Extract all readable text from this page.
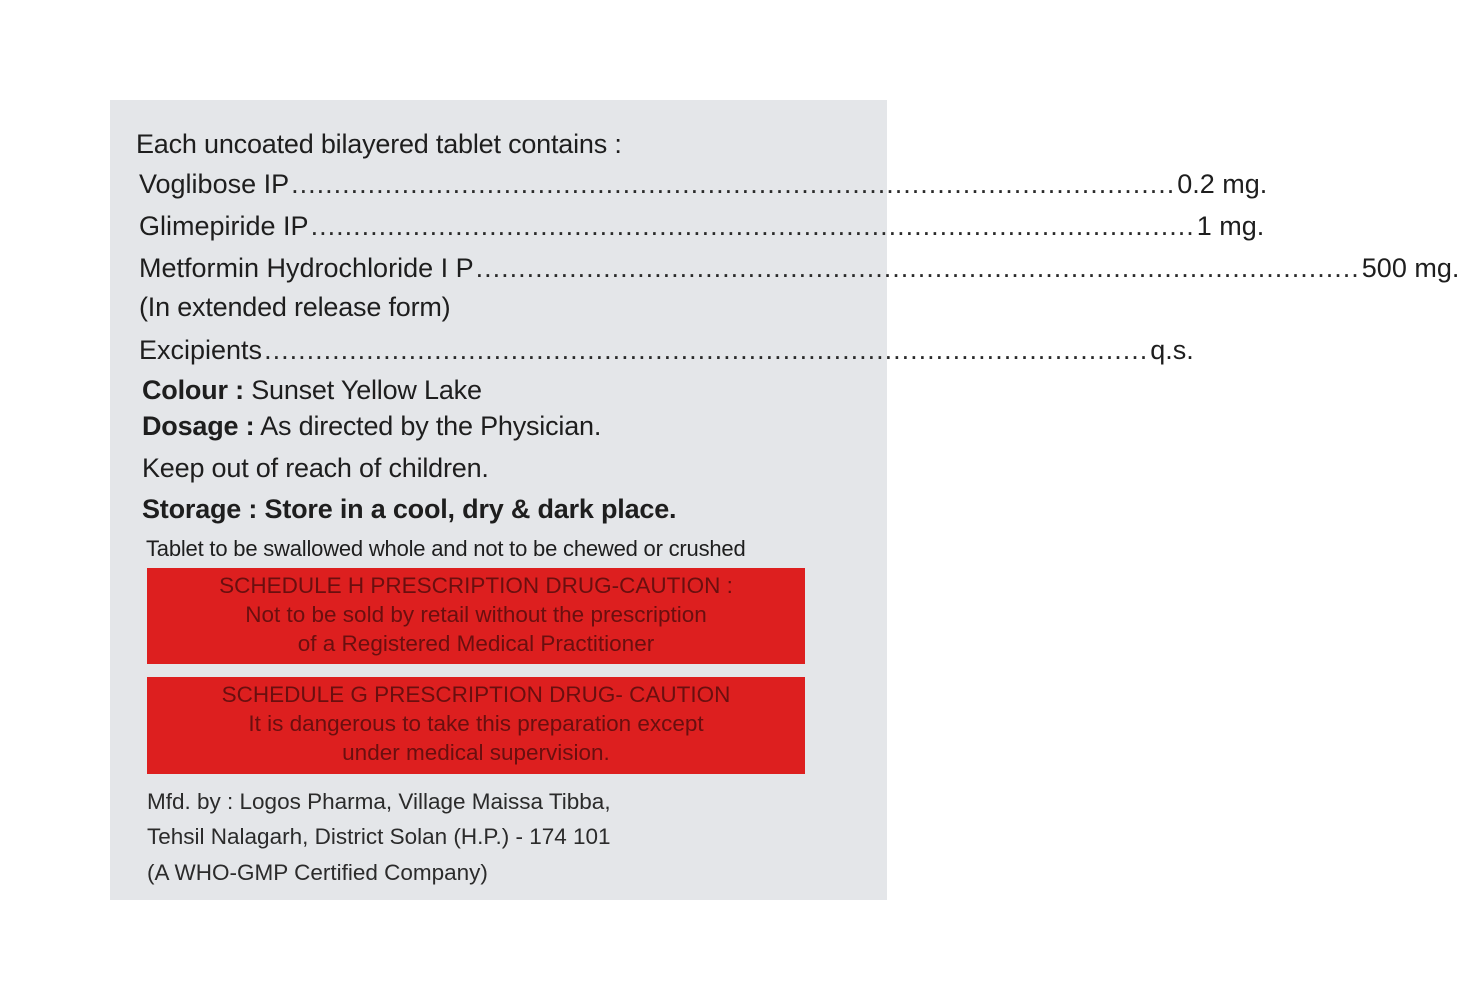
Each uncoated bilayered tablet contains :
Voglibose IP ........................................................................................................ 0.2 mg.
Glimepiride IP ........................................................................................................ 1 mg.
Metformin Hydrochloride I P ........................................................................................................ 500 mg.
(In extended release form)
Excipients ........................................................................................................ q.s.
Colour : Sunset Yellow Lake
Dosage : As directed by the Physician.
Keep out of reach of children.
Storage : Store in a cool, dry & dark place.
Tablet to be swallowed whole and not to be chewed or crushed
SCHEDULE H PRESCRIPTION DRUG-CAUTION :
Not to be sold by retail without the prescription
of a Registered Medical Practitioner
SCHEDULE G PRESCRIPTION DRUG- CAUTION
It is dangerous to take this preparation except
under medical supervision.
Mfd. by : Logos Pharma, Village Maissa Tibba,
Tehsil Nalagarh, District Solan (H.P.) - 174 101
(A WHO-GMP Certified Company)
